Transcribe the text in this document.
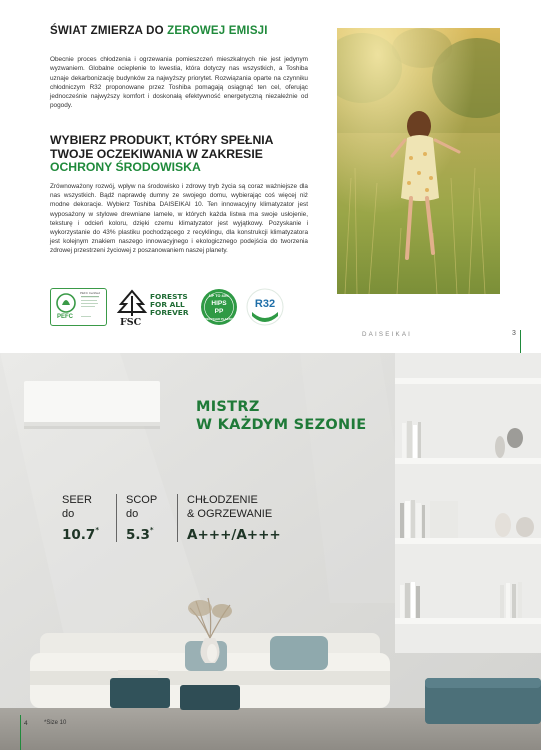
ŚWIAT ZMIERZA DO ZEROWEJ EMISJI

Obecnie proces chłodzenia i ogrzewania pomieszczeń mieszkalnych nie jest jedynym wyzwaniem. Globalne ocieplenie to kwestia, która dotyczy nas wszystkich, a Toshiba uznaje dekarbonizację budynków za najwyższy priorytet. Rozwiązania oparte na czynniku chłodniczym R32 proponowane przez Toshiba pomagają osiągnąć ten cel, oferując jednocześnie najwyższy komfort i doskonałą efektywność energetyczną niezależnie od pogody.

WYBIERZ PRODUKT, KTÓRY SPEŁNIA
TWOJE OCZEKIWANIA W ZAKRESIE
OCHRONY ŚRODOWISKA

Zrównoważony rozwój, wpływ na środowisko i zdrowy tryb życia są coraz ważniejsze dla nas wszystkich. Bądź naprawdę dumny ze swojego domu, wybierając coś więcej niż modne dekoracje. Wybierz Toshiba DAISEIKAI 10. Ten innowacyjny klimatyzator jest wyposażony w stylowe drewniane lamele, w których każda listwa ma swoje usłojenie, teksturę i odcień koloru, dzięki czemu klimatyzator jest wyjątkowy. Pozyskanie i wykorzystanie do 43% plastiku pochodzącego z recyklingu, dla konstrukcji klimatyzatora jest kolejnym znakiem naszego innowacyjnego i ekologicznego podejścia do tworzenia zdrowej przestrzeni życiowej z poszanowaniem naszej planety.

PEFC
PEFC Certified
FSC
FORESTS
FOR ALL
FOREVER
UP TO 43%
HIPS
PP
RECYCLED PLASTIC
R32
DAISEIKAI	3
MISTRZ
W KAŻDYM SEZONIE
SEER
do
10.7*
SCOP
do
5.3*
CHŁODZENIE
& OGRZEWANIE
A+++/A+++
4	*Size 10
